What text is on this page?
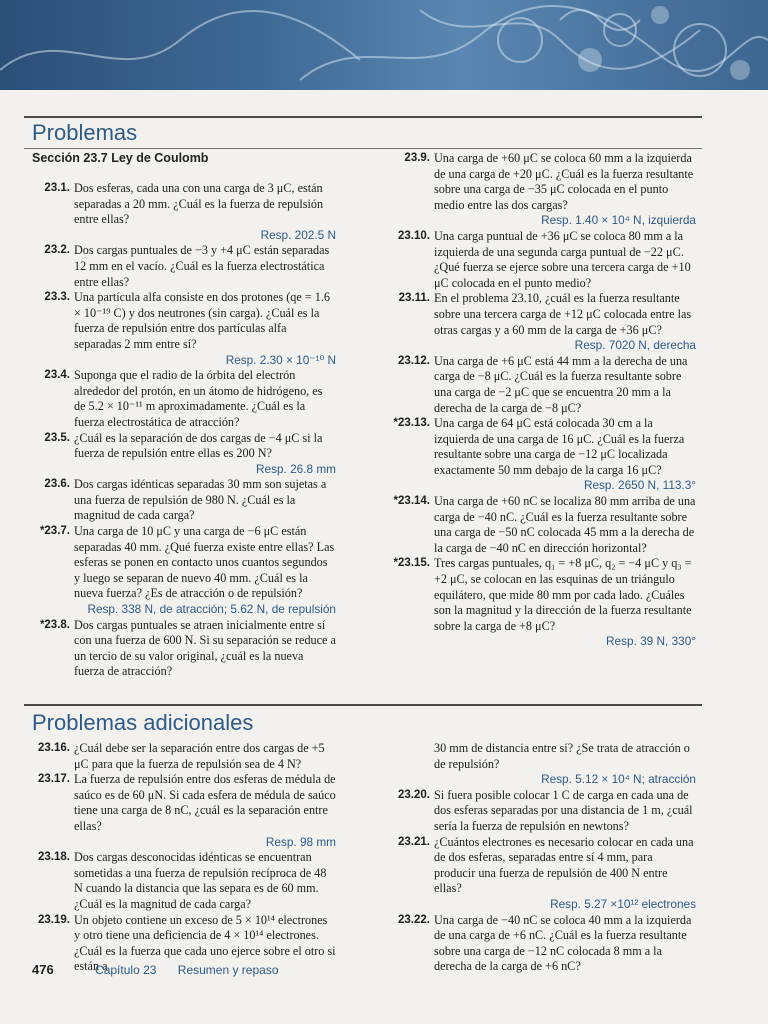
Problemas
Sección 23.7 Ley de Coulomb
23.1. Dos esferas, cada una con una carga de 3 μC, están separadas a 20 mm. ¿Cuál es la fuerza de repulsión entre ellas?
Resp. 202.5 N
23.2. Dos cargas puntuales de −3 y +4 μC están separadas 12 mm en el vacío. ¿Cuál es la fuerza electrostática entre ellas?
23.3. Una partícula alfa consiste en dos protones (qe = 1.6 × 10⁻¹⁹ C) y dos neutrones (sin carga). ¿Cuál es la fuerza de repulsión entre dos partículas alfa separadas 2 mm entre sí?
Resp. 2.30 × 10⁻¹⁰ N
23.4. Suponga que el radio de la órbita del electrón alrededor del protón, en un átomo de hidrógeno, es de 5.2 × 10⁻¹¹ m aproximadamente. ¿Cuál es la fuerza electrostática de atracción?
23.5. ¿Cuál es la separación de dos cargas de −4 μC si la fuerza de repulsión entre ellas es 200 N?
Resp. 26.8 mm
23.6. Dos cargas idénticas separadas 30 mm son sujetas a una fuerza de repulsión de 980 N. ¿Cuál es la magnitud de cada carga?
*23.7. Una carga de 10 μC y una carga de −6 μC están separadas 40 mm. ¿Qué fuerza existe entre ellas? Las esferas se ponen en contacto unos cuantos segundos y luego se separan de nuevo 40 mm. ¿Cuál es la nueva fuerza? ¿Es de atracción o de repulsión?
Resp. 338 N, de atracción; 5.62 N, de repulsión
*23.8. Dos cargas puntuales se atraen inicialmente entre sí con una fuerza de 600 N. Si su separación se reduce a un tercio de su valor original, ¿cuál es la nueva fuerza de atracción?
23.9. Una carga de +60 μC se coloca 60 mm a la izquierda de una carga de +20 μC. ¿Cuál es la fuerza resultante sobre una carga de −35 μC colocada en el punto medio entre las dos cargas?
Resp. 1.40 × 10⁴ N, izquierda
23.10. Una carga puntual de +36 μC se coloca 80 mm a la izquierda de una segunda carga puntual de −22 μC. ¿Qué fuerza se ejerce sobre una tercera carga de +10 μC colocada en el punto medio?
23.11. En el problema 23.10, ¿cuál es la fuerza resultante sobre una tercera carga de +12 μC colocada entre las otras cargas y a 60 mm de la carga de +36 μC?
Resp. 7020 N, derecha
23.12. Una carga de +6 μC está 44 mm a la derecha de una carga de −8 μC. ¿Cuál es la fuerza resultante sobre una carga de −2 μC que se encuentra 20 mm a la derecha de la carga de −8 μC?
*23.13. Una carga de 64 μC está colocada 30 cm a la izquierda de una carga de 16 μC. ¿Cuál es la fuerza resultante sobre una carga de −12 μC localizada exactamente 50 mm debajo de la carga 16 μC?
Resp. 2650 N, 113.3°
*23.14. Una carga de +60 nC se localiza 80 mm arriba de una carga de −40 nC. ¿Cuál es la fuerza resultante sobre una carga de −50 nC colocada 45 mm a la derecha de la carga de −40 nC en dirección horizontal?
*23.15. Tres cargas puntuales, q₁ = +8 μC, q₂ = −4 μC y q₃ = +2 μC, se colocan en las esquinas de un triángulo equilátero, que mide 80 mm por cada lado. ¿Cuáles son la magnitud y la dirección de la fuerza resultante sobre la carga de +8 μC?
Resp. 39 N, 330°
Problemas adicionales
23.16. ¿Cuál debe ser la separación entre dos cargas de +5 μC para que la fuerza de repulsión sea de 4 N?
23.17. La fuerza de repulsión entre dos esferas de médula de saúco es de 60 μN. Si cada esfera de médula de saúco tiene una carga de 8 nC, ¿cuál es la separación entre ellas?
Resp. 98 mm
23.18. Dos cargas desconocidas idénticas se encuentran sometidas a una fuerza de repulsión recíproca de 48 N cuando la distancia que las separa es de 60 mm. ¿Cuál es la magnitud de cada carga?
23.19. Un objeto contiene un exceso de 5 × 10¹⁴ electrones y otro tiene una deficiencia de 4 × 10¹⁴ electrones. ¿Cuál es la fuerza que cada uno ejerce sobre el otro si están a
30 mm de distancia entre sí? ¿Se trata de atracción o de repulsión?
Resp. 5.12 × 10⁴ N; atracción
23.20. Si fuera posible colocar 1 C de carga en cada una de dos esferas separadas por una distancia de 1 m, ¿cuál sería la fuerza de repulsión en newtons?
23.21. ¿Cuántos electrones es necesario colocar en cada una de dos esferas, separadas entre sí 4 mm, para producir una fuerza de repulsión de 400 N entre ellas?
Resp. 5.27 ×10¹² electrones
23.22. Una carga de −40 nC se coloca 40 mm a la izquierda de una carga de +6 nC. ¿Cuál es la fuerza resultante sobre una carga de −12 nC colocada 8 mm a la derecha de la carga de +6 nC?
476	Capítulo 23 Resumen y repaso
